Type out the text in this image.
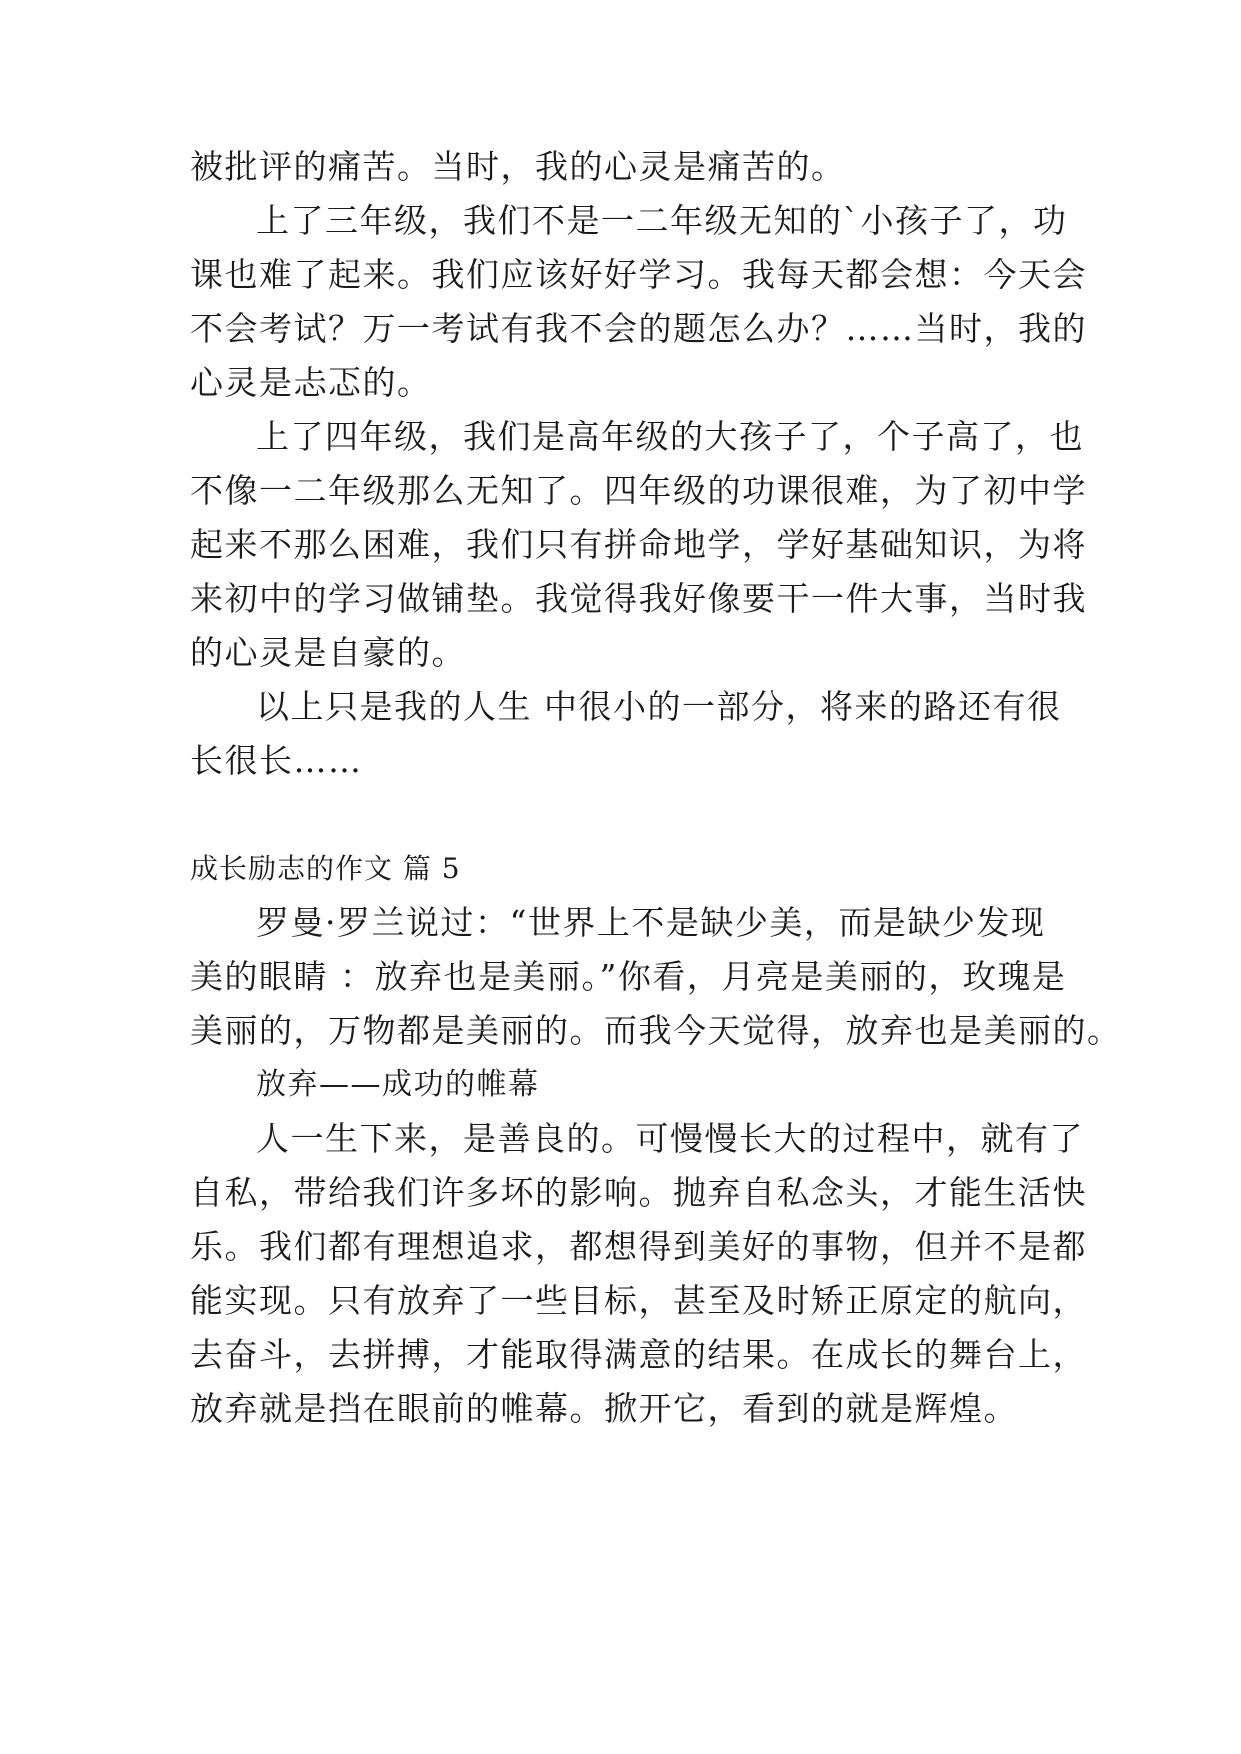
被批评的痛苦。当时，我的心灵是痛苦的。
上了三年级，我们不是一二年级无知的`小孩子了，功
课也难了起来。我们应该好好学习。我每天都会想：今天会
不会考试？万一考试有我不会的题怎么办？……当时，我的
心灵是忐忑的。
上了四年级，我们是高年级的大孩子了，个子高了，也
不像一二年级那么无知了。四年级的功课很难，为了初中学
起来不那么困难，我们只有拼命地学，学好基础知识，为将
来初中的学习做铺垫。我觉得我好像要干一件大事，当时我
的心灵是自豪的。
以上只是我的人生 中很小的一部分，将来的路还有很
长很长……
成长励志的作文 篇 5
罗曼·罗兰说过：“世界上不是缺少美，而是缺少发现
美的眼睛 ：放弃也是美丽。”你看，月亮是美丽的，玫瑰是
美丽的，万物都是美丽的。而我今天觉得，放弃也是美丽的。
放弃——成功的帷幕
人一生下来，是善良的。可慢慢长大的过程中，就有了
自私，带给我们许多坏的影响。抛弃自私念头，才能生活快
乐。我们都有理想追求，都想得到美好的事物，但并不是都
能实现。只有放弃了一些目标，甚至及时矫正原定的航向，
去奋斗，去拼搏，才能取得满意的结果。在成长的舞台上，
放弃就是挡在眼前的帷幕。掀开它，看到的就是辉煌。
